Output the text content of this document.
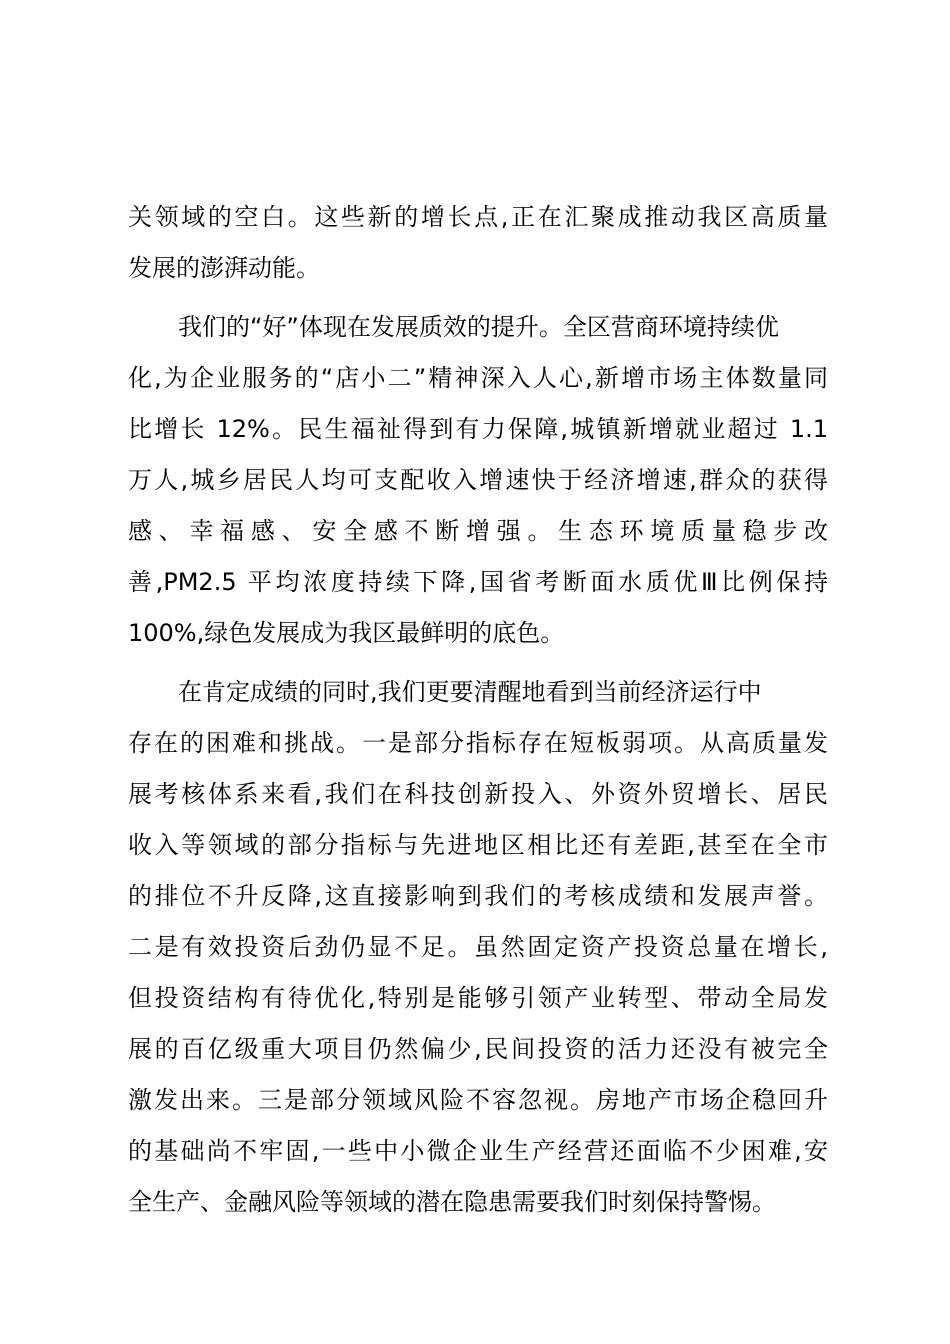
关领域的空白。这些新的增长点,正在汇聚成推动我区高质量
发展的澎湃动能。
我们的“好”体现在发展质效的提升。全区营商环境持续优
化,为企业服务的“店小二”精神深入人心,新增市场主体数量同
比增长 12%。民生福祉得到有力保障,城镇新增就业超过 1.1
万人,城乡居民人均可支配收入增速快于经济增速,群众的获得
感、幸福感、安全感不断增强。生态环境质量稳步改
善,PM2.5 平均浓度持续下降,国省考断面水质优Ⅲ比例保持
100%,绿色发展成为我区最鲜明的底色。
在肯定成绩的同时,我们更要清醒地看到当前经济运行中
存在的困难和挑战。一是部分指标存在短板弱项。从高质量发
展考核体系来看,我们在科技创新投入、外资外贸增长、居民
收入等领域的部分指标与先进地区相比还有差距,甚至在全市
的排位不升反降,这直接影响到我们的考核成绩和发展声誉。
二是有效投资后劲仍显不足。虽然固定资产投资总量在增长,
但投资结构有待优化,特别是能够引领产业转型、带动全局发
展的百亿级重大项目仍然偏少,民间投资的活力还没有被完全
激发出来。三是部分领域风险不容忽视。房地产市场企稳回升
的基础尚不牢固,一些中小微企业生产经营还面临不少困难,安
全生产、金融风险等领域的潜在隐患需要我们时刻保持警惕。
